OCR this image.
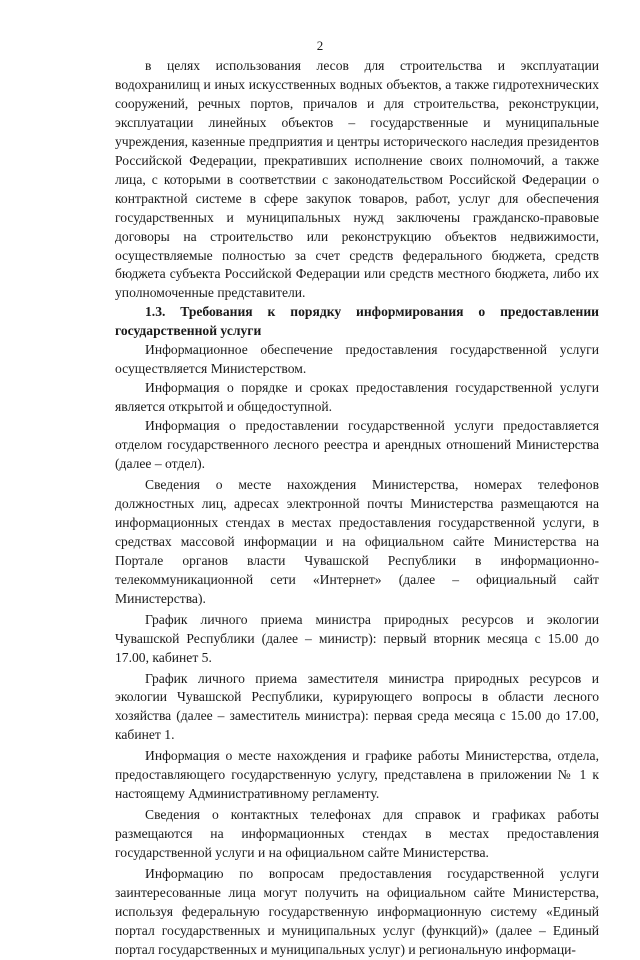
2

в целях использования лесов для строительства и эксплуатации водохранилищ и иных искусственных водных объектов, а также гидротехнических сооружений, речных портов, причалов и для строительства, реконструкции, эксплуатации линейных объектов – государственные и муниципальные учреждения, казенные предприятия и центры исторического наследия президентов Российской Федерации, прекративших исполнение своих полномочий, а также лица, с которыми в соответствии с законодательством Российской Федерации о контрактной системе в сфере закупок товаров, работ, услуг для обеспечения государственных и муниципальных нужд заключены гражданско-правовые договоры на строительство или реконструкцию объектов недвижимости, осуществляемые полностью за счет средств федерального бюджета, средств бюджета субъекта Российской Федерации или средств местного бюджета, либо их уполномоченные представители.

1.3. Требования к порядку информирования о предоставлении государственной услуги

Информационное обеспечение предоставления государственной услуги осуществляется Министерством.

Информация о порядке и сроках предоставления государственной услуги является открытой и общедоступной.

Информация о предоставлении государственной услуги предоставляется отделом государственного лесного реестра и арендных отношений Министерства (далее – отдел).

Сведения о месте нахождения Министерства, номерах телефонов должностных лиц, адресах электронной почты Министерства размещаются на информационных стендах в местах предоставления государственной услуги, в средствах массовой информации и на официальном сайте Министерства на Портале органов власти Чувашской Республики в информационно-телекоммуникационной сети «Интернет» (далее – официальный сайт Министерства).

График личного приема министра природных ресурсов и экологии Чувашской Республики (далее – министр): первый вторник месяца с 15.00 до 17.00, кабинет 5.

График личного приема заместителя министра природных ресурсов и экологии Чувашской Республики, курирующего вопросы в области лесного хозяйства (далее – заместитель министра): первая среда месяца с 15.00 до 17.00, кабинет 1.

Информация о месте нахождения и графике работы Министерства, отдела, предоставляющего государственную услугу, представлена в приложении № 1 к настоящему Административному регламенту.

Сведения о контактных телефонах для справок и графиках работы размещаются на информационных стендах в местах предоставления государственной услуги и на официальном сайте Министерства.

Информацию по вопросам предоставления государственной услуги заинтересованные лица могут получить на официальном сайте Министерства, используя федеральную государственную информационную систему «Единый портал государственных и муниципальных услуг (функций)» (далее – Единый портал государственных и муниципальных услуг) и региональную информаци-
